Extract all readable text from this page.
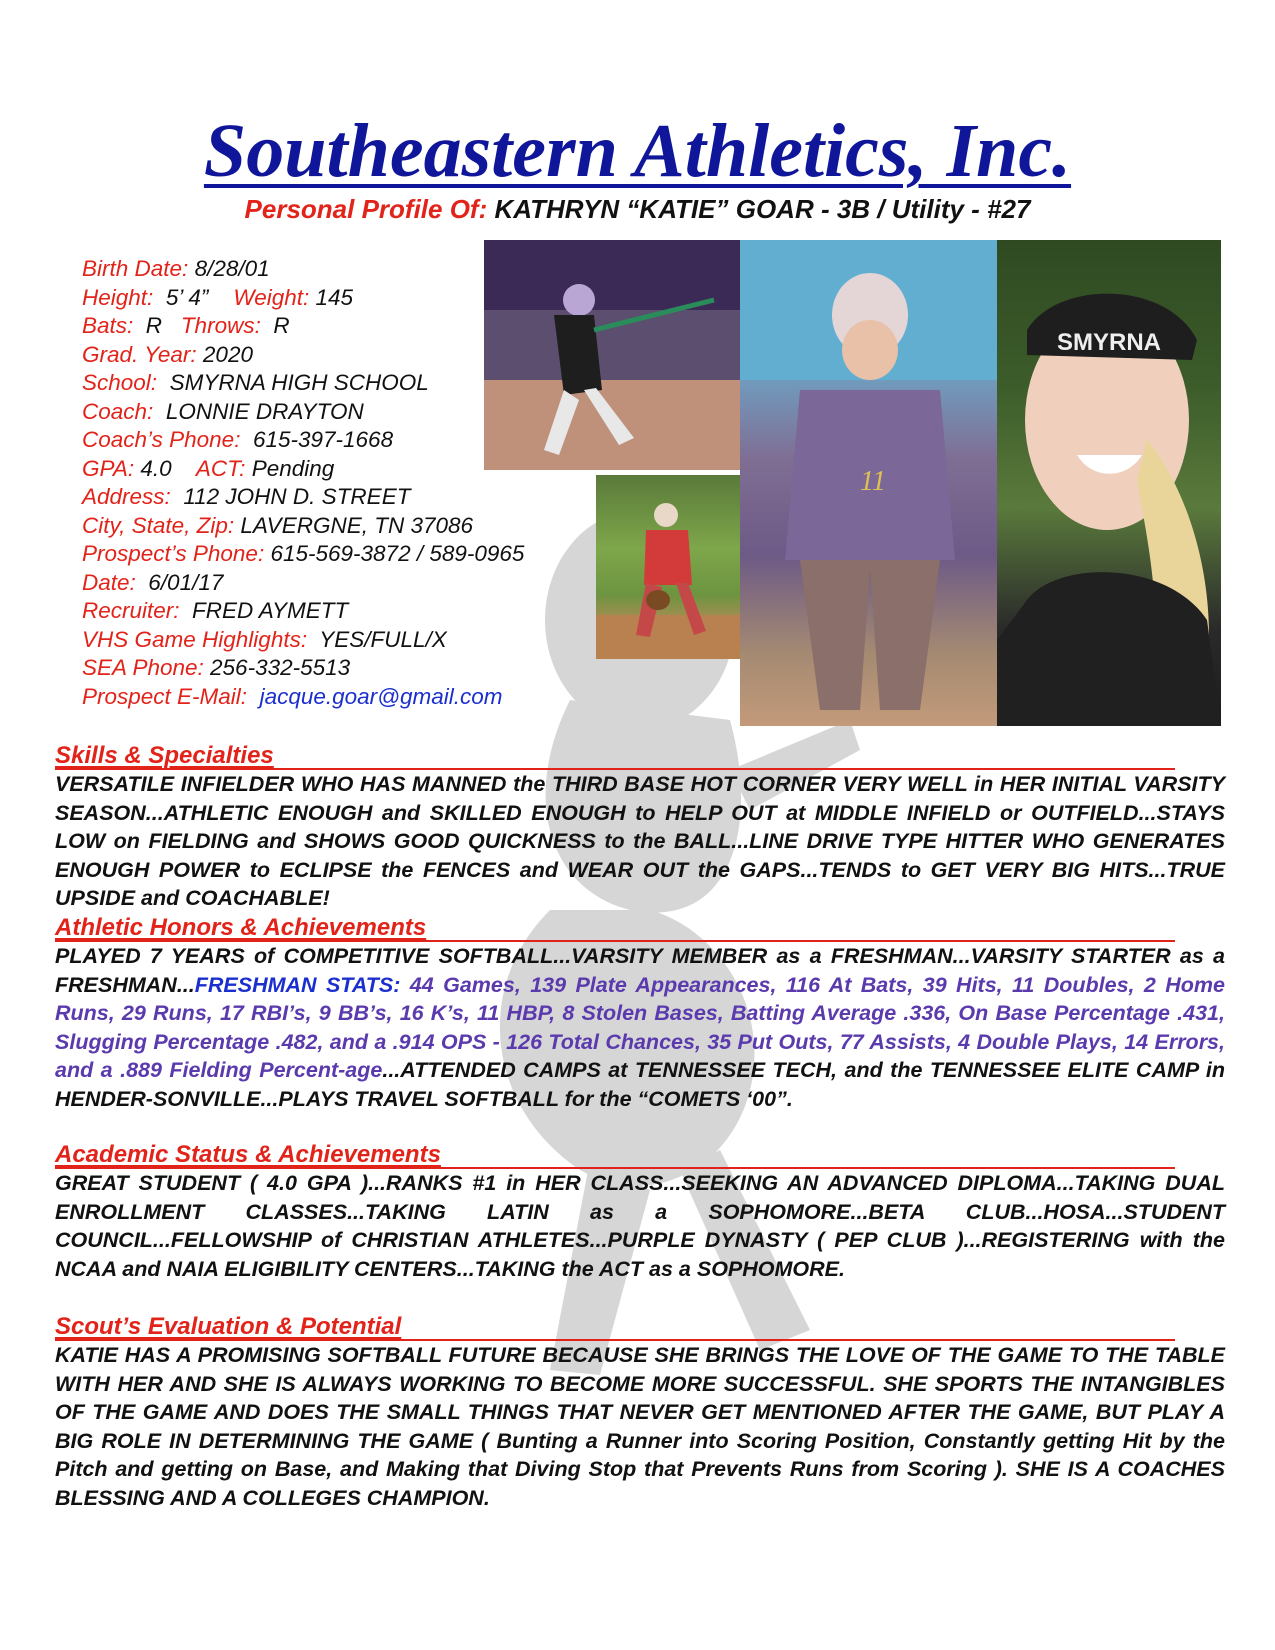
Southeastern Athletics, Inc.
Personal Profile Of: KATHRYN “KATIE” GOAR - 3B / Utility - #27
Birth Date: 8/28/01
Height: 5’ 4” Weight: 145
Bats: R Throws: R
Grad. Year: 2020
School: SMYRNA HIGH SCHOOL
Coach: LONNIE DRAYTON
Coach’s Phone: 615-397-1668
GPA: 4.0 ACT: Pending
Address: 112 JOHN D. STREET
City, State, Zip: LAVERGNE, TN 37086
Prospect’s Phone: 615-569-3872 / 589-0965
Date: 6/01/17
Recruiter: FRED AYMETT
VHS Game Highlights: YES/FULL/X
SEA Phone: 256-332-5513
Prospect E-Mail: jacque.goar@gmail.com
11
SMYRNA
Skills & Specialties
VERSATILE INFIELDER WHO HAS MANNED the THIRD BASE HOT CORNER VERY WELL in HER INITIAL VARSITY SEASON...ATHLETIC ENOUGH and SKILLED ENOUGH to HELP OUT at MIDDLE INFIELD or OUTFIELD...STAYS LOW on FIELDING and SHOWS GOOD QUICKNESS to the BALL...LINE DRIVE TYPE HITTER WHO GENERATES ENOUGH POWER to ECLIPSE the FENCES and WEAR OUT the GAPS...TENDS to GET VERY BIG HITS...TRUE UPSIDE and COACHABLE!
Athletic Honors & Achievements
PLAYED 7 YEARS of COMPETITIVE SOFTBALL...VARSITY MEMBER as a FRESHMAN...VARSITY STARTER as a FRESHMAN...FRESHMAN STATS: 44 Games, 139 Plate Appearances, 116 At Bats, 39 Hits, 11 Doubles, 2 Home Runs, 29 Runs, 17 RBI’s, 9 BB’s, 16 K’s, 11 HBP, 8 Stolen Bases, Batting Average .336, On Base Percentage .431, Slugging Percentage .482, and a .914 OPS - 126 Total Chances, 35 Put Outs, 77 Assists, 4 Double Plays, 14 Errors, and a .889 Fielding Percent-age...ATTENDED CAMPS at TENNESSEE TECH, and the TENNESSEE ELITE CAMP in HENDER-SONVILLE...PLAYS TRAVEL SOFTBALL for the “COMETS ‘00”.
Academic Status & Achievements
GREAT STUDENT ( 4.0 GPA )...RANKS #1 in HER CLASS...SEEKING AN ADVANCED DIPLOMA...TAKING DUAL ENROLLMENT CLASSES...TAKING LATIN as a SOPHOMORE...BETA CLUB...HOSA...STUDENT COUNCIL...FELLOWSHIP of CHRISTIAN ATHLETES...PURPLE DYNASTY ( PEP CLUB )...REGISTERING with the NCAA and NAIA ELIGIBILITY CENTERS...TAKING the ACT as a SOPHOMORE.
Scout’s Evaluation & Potential
KATIE HAS A PROMISING SOFTBALL FUTURE BECAUSE SHE BRINGS THE LOVE OF THE GAME TO THE TABLE WITH HER AND SHE IS ALWAYS WORKING TO BECOME MORE SUCCESSFUL. SHE SPORTS THE INTANGIBLES OF THE GAME AND DOES THE SMALL THINGS THAT NEVER GET MENTIONED AFTER THE GAME, BUT PLAY A BIG ROLE IN DETERMINING THE GAME ( Bunting a Runner into Scoring Position, Constantly getting Hit by the Pitch and getting on Base, and Making that Diving Stop that Prevents Runs from Scoring ). SHE IS A COACHES BLESSING AND A COLLEGES CHAMPION.
